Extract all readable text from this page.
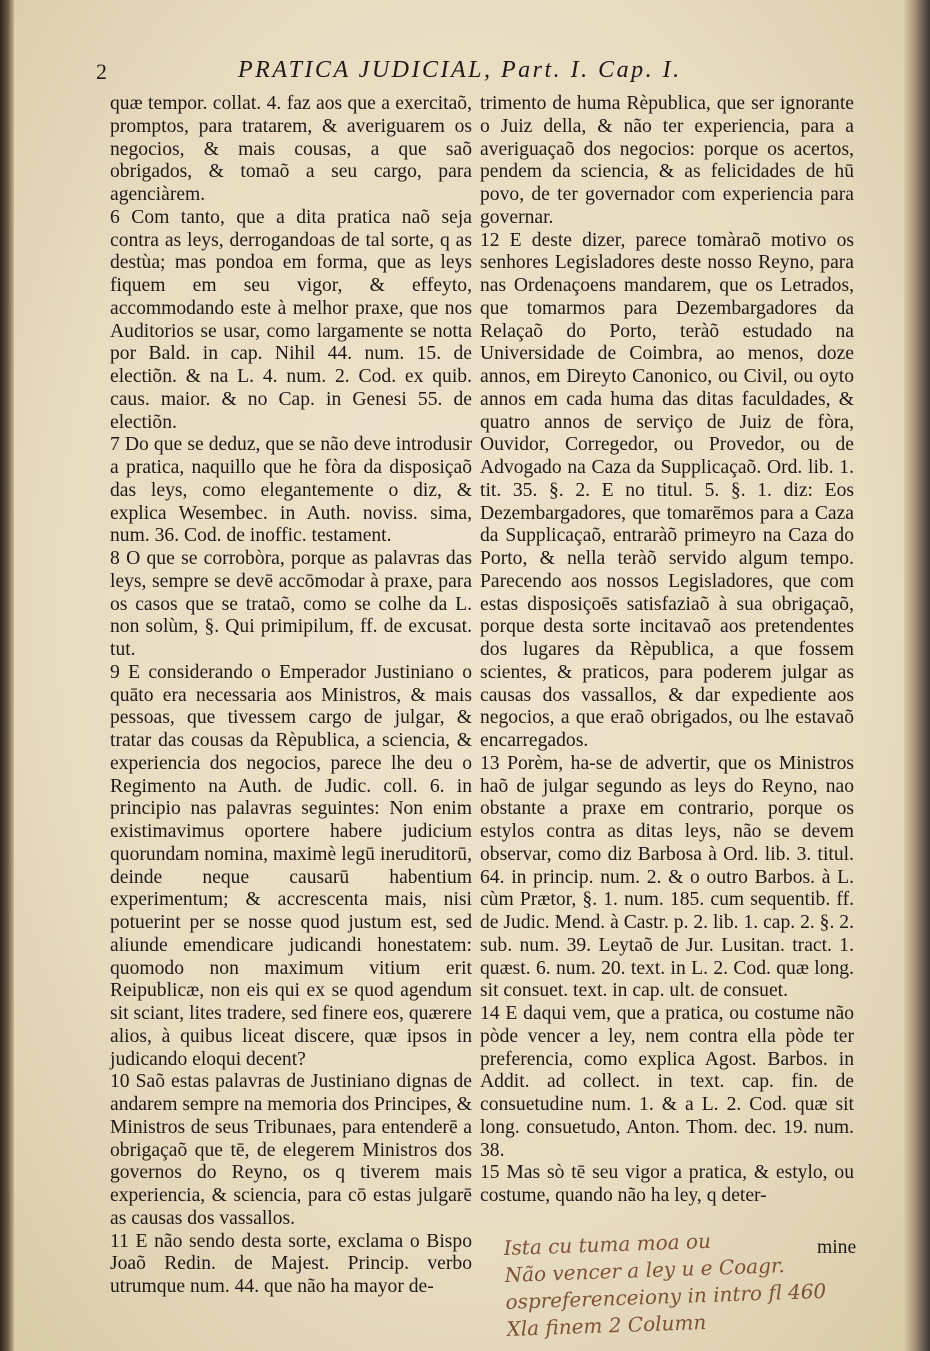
2	PRATICA JUDICIAL, Part. I. Cap. I.

quæ tempor. collat. 4. faz aos que a exercitaõ, promptos, para tratarem, & averiguarem os negocios, & mais cousas, a que saõ obrigados, & tomaõ a seu cargo, para agenciàrem.

6 Com tanto, que a dita pratica naõ seja contra as leys, derrogandoas de tal sorte, q as destùa; mas pondoa em forma, que as leys fiquem em seu vigor, & effeyto, accommodando este à melhor praxe, que nos Auditorios se usar, como largamente se notta por Bald. in cap. Nihil 44. num. 15. de electiõn. & na L. 4. num. 2. Cod. ex quib. caus. maior. & no Cap. in Genesi 55. de electiõn.

7 Do que se deduz, que se não deve introdusir a pratica, naquillo que he fòra da disposiçaõ das leys, como elegantemente o diz, & explica Wesembec. in Auth. noviss. sima, num. 36. Cod. de inoffic. testament.

8 O que se corrobòra, porque as palavras das leys, sempre se devē accōmodar à praxe, para os casos que se trataõ, como se colhe da L. non solùm, §. Qui primipilum, ff. de excusat. tut.

9 E considerando o Emperador Justiniano o quāto era necessaria aos Ministros, & mais pessoas, que tivessem cargo de julgar, & tratar das cousas da Rèpublica, a sciencia, & experiencia dos negocios, parece lhe deu o Regimento na Auth. de Judic. coll. 6. in principio nas palavras seguintes: Non enim existimavimus oportere habere judicium quorundam nomina, maximè legū ineruditorū, deinde neque causarū habentium experimentum; & accrescenta mais, nisi potuerint per se nosse quod justum est, sed aliunde emendicare judicandi honestatem: quomodo non maximum vitium erit Reipublicæ, non eis qui ex se quod agendum sit sciant, lites tradere, sed finere eos, quærere alios, à quibus liceat discere, quæ ipsos in judicando eloqui decent?

10 Saõ estas palavras de Justiniano dignas de andarem sempre na memoria dos Principes, & Ministros de seus Tribunaes, para entenderē a obrigaçaõ que tē, de elegerem Ministros dos governos do Reyno, os q tiverem mais experiencia, & sciencia, para cō estas julgarē as causas dos vassallos.

11 E não sendo desta sorte, exclama o Bispo Joaõ Redin. de Majest. Princip. verbo utrumque num. 44. que não ha mayor de-

trimento de huma Rèpublica, que ser ignorante o Juiz della, & não ter experiencia, para a averiguaçaõ dos negocios: porque os acertos, pendem da sciencia, & as felicidades de hū povo, de ter governador com experiencia para governar.

12 E deste dizer, parece tomàraõ motivo os senhores Legisladores deste nosso Reyno, para nas Ordenaçoens mandarem, que os Letrados, que tomarmos para Dezembargadores da Relaçaõ do Porto, teràõ estudado na Universidade de Coimbra, ao menos, doze annos, em Direyto Canonico, ou Civil, ou oyto annos em cada huma das ditas faculdades, & quatro annos de serviço de Juiz de fòra, Ouvidor, Corregedor, ou Provedor, ou de Advogado na Caza da Supplicaçaõ. Ord. lib. 1. tit. 35. §. 2. E no titul. 5. §. 1. diz: Eos Dezembargadores, que tomarēmos para a Caza da Supplicaçaõ, entraràõ primeyro na Caza do Porto, & nella teràõ servido algum tempo. Parecendo aos nossos Legisladores, que com estas disposiçoēs satisfaziaõ à sua obrigaçaõ, porque desta sorte incitavaõ aos pretendentes dos lugares da Rèpublica, a que fossem scientes, & praticos, para poderem julgar as causas dos vassallos, & dar expediente aos negocios, a que eraõ obrigados, ou lhe estavaõ encarregados.

13 Porèm, ha-se de advertir, que os Ministros haõ de julgar segundo as leys do Reyno, nao obstante a praxe em contrario, porque os estylos contra as ditas leys, não se devem observar, como diz Barbosa à Ord. lib. 3. titul. 64. in princip. num. 2. & o outro Barbos. à L. cùm Prætor, §. 1. num. 185. cum sequentib. ff. de Judic. Mend. à Castr. p. 2. lib. 1. cap. 2. §. 2. sub. num. 39. Leytaõ de Jur. Lusitan. tract. 1. quæst. 6. num. 20. text. in L. 2. Cod. quæ long. sit consuet. text. in cap. ult. de consuet.

14 E daqui vem, que a pratica, ou costume não pòde vencer a ley, nem contra ella pòde ter preferencia, como explica Agost. Barbos. in Addit. ad collect. in text. cap. fin. de consuetudine num. 1. & a L. 2. Cod. quæ sit long. consuetudo, Anton. Thom. dec. 19. num. 38.

15 Mas sò tē seu vigor a pratica, & estylo, ou costume, quando não ha ley, q deter-

mine
Ista cu tuma moa ou
Não vencer a ley u e Coagr.
ospreferenceiony in intro fl 460
Xla finem 2 Column
